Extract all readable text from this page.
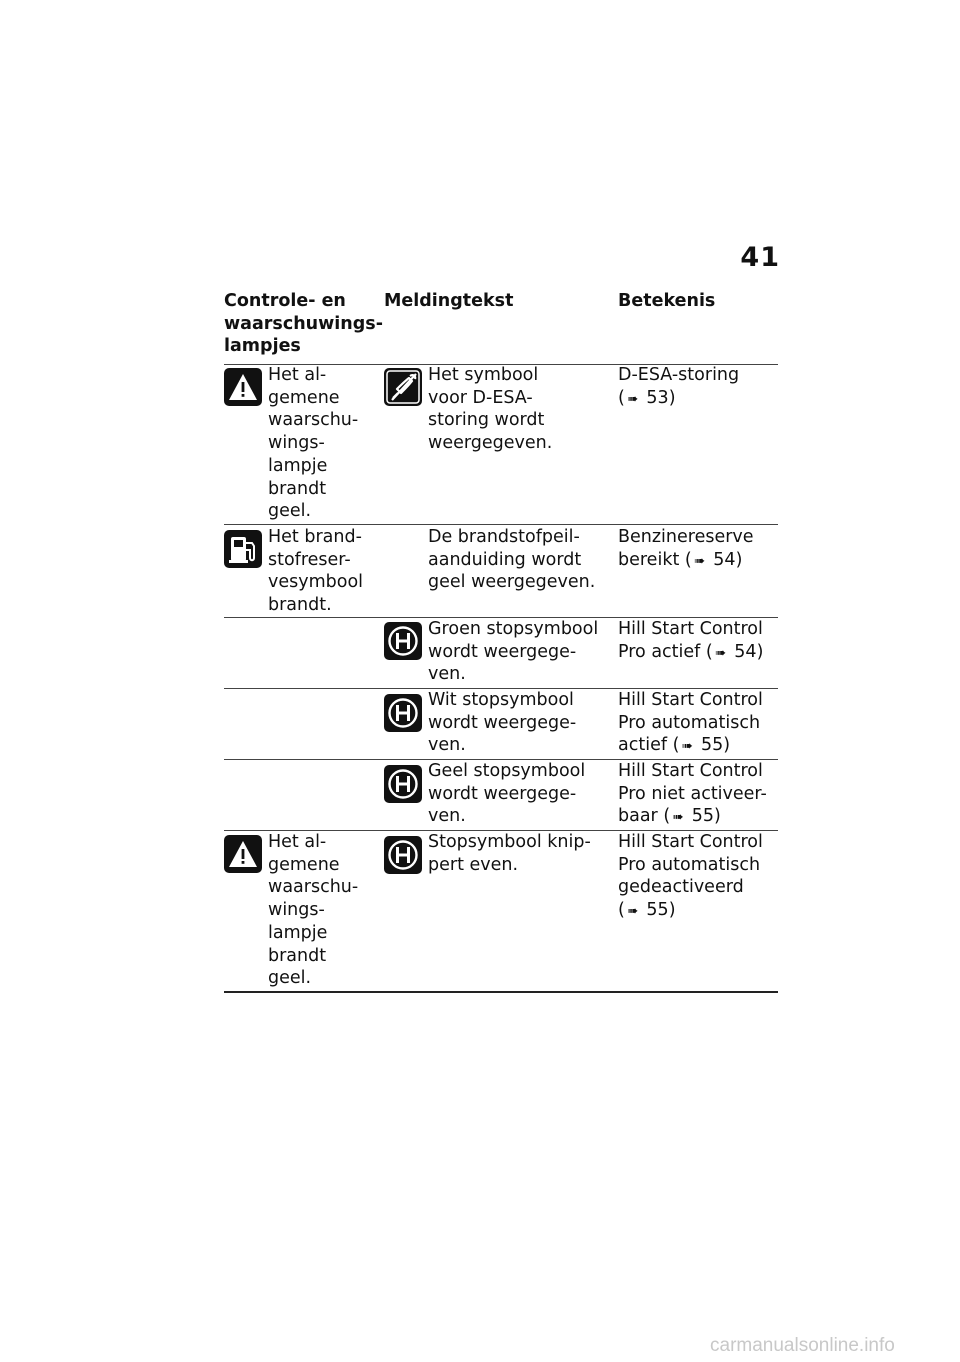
41
Controle- en
waarschuwings-
lampjes
Meldingtekst	Betekenis
Het al-
gemene
waarschu-
wings-
lampje
brandt
geel.
Het symbool
voor D-ESA-
storing wordt
weergegeven.
D-ESA-storing
( ➠ 53)
Het brand-
stofreser-
vesymbool
brandt.
De brandstofpeil-
aanduiding wordt
geel weergegeven.
Benzinereserve
bereikt ( ➠ 54)
Groen stopsymbool
wordt weergege-
ven.
Hill Start Control
Pro actief ( ➠ 54)
Wit stopsymbool
wordt weergege-
ven.
Hill Start Control
Pro automatisch
actief ( ➠ 55)
Geel stopsymbool
wordt weergege-
ven.
Hill Start Control
Pro niet activeer-
baar ( ➠ 55)
Het al-
gemene
waarschu-
wings-
lampje
brandt
geel.
Stopsymbool knip-
pert even.
Hill Start Control
Pro automatisch
gedeactiveerd
( ➠ 55)
carmanualsonline.info
